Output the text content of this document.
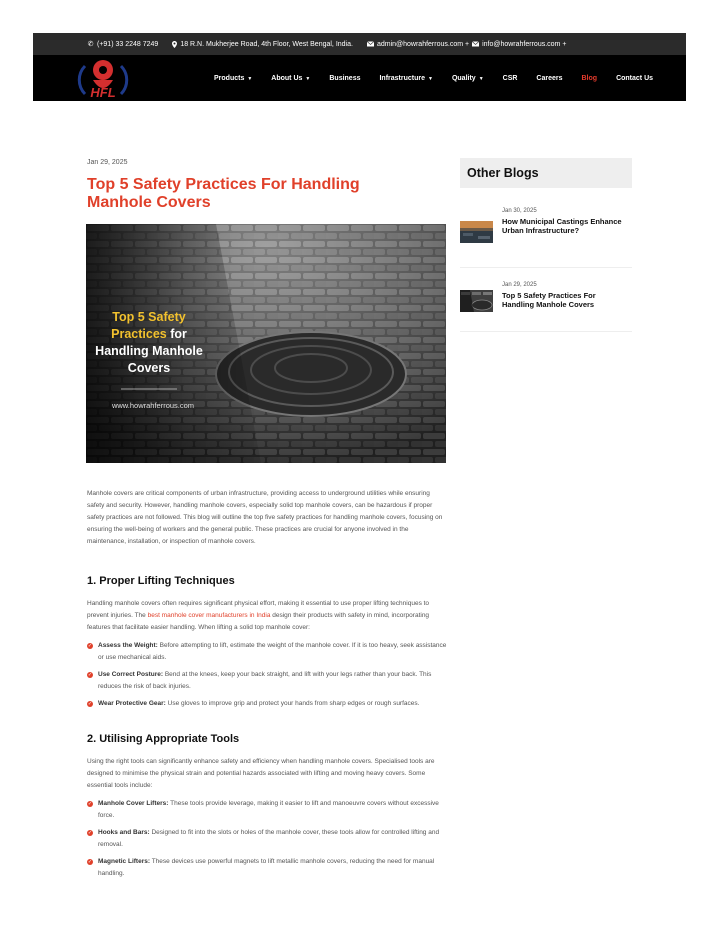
✆ (+91) 33 2248 7249	18 R.N. Mukherjee Road, 4th Floor, West Bengal, India.	admin@howrahferrous.com + info@howrahferrous.com +
HFL
Products ▼	About Us ▼	Business	Infrastructure ▼	Quality ▼	CSR	Careers	Blog	Contact Us
Jan 29, 2025
Top 5 Safety Practices For Handling Manhole Covers
Top 5 Safety
Practices for
Handling Manhole
Covers
www.howrahferrous.com

Manhole covers are critical components of urban infrastructure, providing access to underground utilities while ensuring safety and security. However, handling manhole covers, especially solid top manhole covers, can be hazardous if proper safety practices are not followed. This blog will outline the top five safety practices for handling manhole covers, focusing on ensuring the well-being of workers and the general public. These practices are crucial for anyone involved in the maintenance, installation, or inspection of manhole covers.

1. Proper Lifting Techniques

Handling manhole covers often requires significant physical effort, making it essential to use proper lifting techniques to prevent injuries. The best manhole cover manufacturers in India design their products with safety in mind, incorporating features that facilitate easier handling. When lifting a solid top manhole cover:

✓ Assess the Weight: Before attempting to lift, estimate the weight of the manhole cover. If it is too heavy, seek assistance or use mechanical aids.
✓ Use Correct Posture: Bend at the knees, keep your back straight, and lift with your legs rather than your back. This reduces the risk of back injuries.
✓ Wear Protective Gear: Use gloves to improve grip and protect your hands from sharp edges or rough surfaces.
2. Utilising Appropriate Tools

Using the right tools can significantly enhance safety and efficiency when handling manhole covers. Specialised tools are designed to minimise the physical strain and potential hazards associated with lifting and moving heavy covers. Some essential tools include:

✓ Manhole Cover Lifters: These tools provide leverage, making it easier to lift and manoeuvre covers without excessive force.
✓ Hooks and Bars: Designed to fit into the slots or holes of the manhole cover, these tools allow for controlled lifting and removal.
✓ Magnetic Lifters: These devices use powerful magnets to lift metallic manhole covers, reducing the need for manual handling.
Other Blogs
Jan 30, 2025
How Municipal Castings Enhance Urban Infrastructure?
Jan 29, 2025
Top 5 Safety Practices For Handling Manhole Covers
